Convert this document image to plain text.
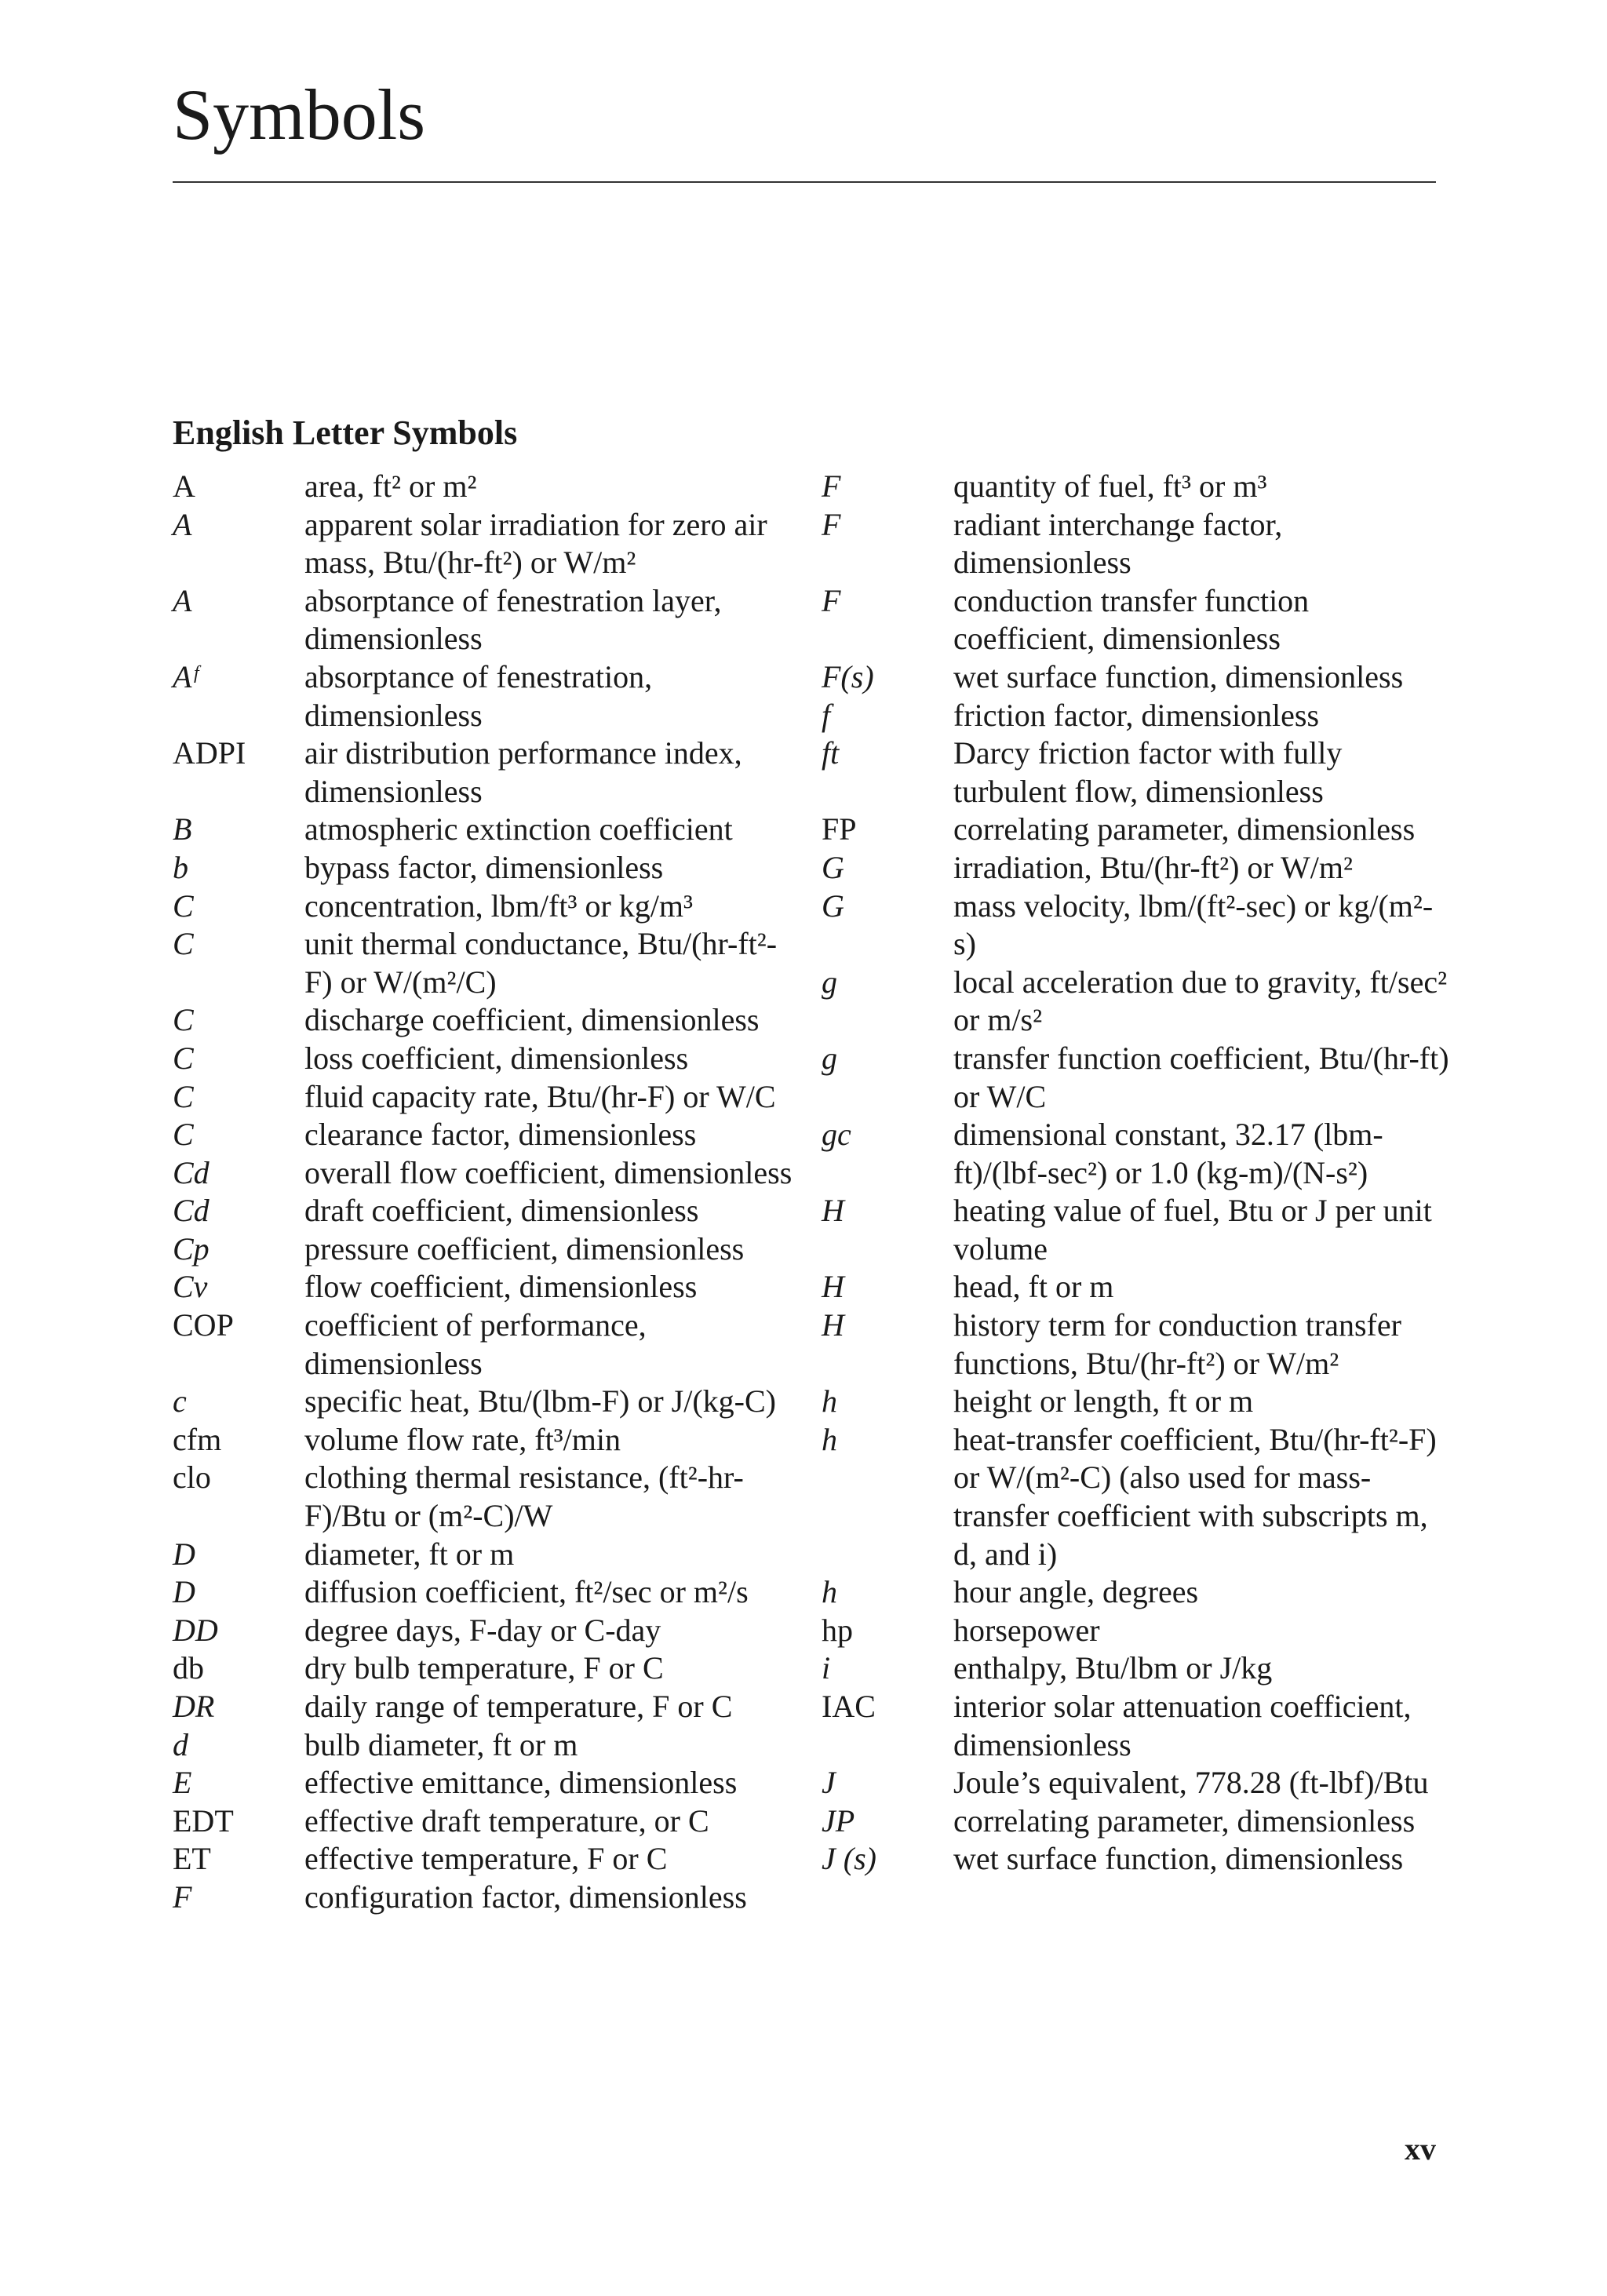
Symbols
English Letter Symbols
A	area, ft² or m²
A	apparent solar irradiation for zero air mass, Btu/(hr-ft²) or W/m²
A	absorptance of fenestration layer, dimensionless
Aᶠ	absorptance of fenestration, dimensionless
ADPI	air distribution performance index, dimensionless
B	atmospheric extinction coefficient
b	bypass factor, dimensionless
C	concentration, lbm/ft³ or kg/m³
C	unit thermal conductance, Btu/(hr-ft²-F) or W/(m²/C)
C	discharge coefficient, dimensionless
C	loss coefficient, dimensionless
C	fluid capacity rate, Btu/(hr-F) or W/C
C	clearance factor, dimensionless
Cd	overall flow coefficient, dimensionless
Cd	draft coefficient, dimensionless
Cp	pressure coefficient, dimensionless
Cv	flow coefficient, dimensionless
COP	coefficient of performance, dimensionless
c	specific heat, Btu/(lbm-F) or J/(kg-C)
cfm	volume flow rate, ft³/min
clo	clothing thermal resistance, (ft²-hr-F)/Btu or (m²-C)/W
D	diameter, ft or m
D	diffusion coefficient, ft²/sec or m²/s
DD	degree days, F-day or C-day
db	dry bulb temperature, F or C
DR	daily range of temperature, F or C
d	bulb diameter, ft or m
E	effective emittance, dimensionless
EDT	effective draft temperature, or C
ET	effective temperature, F or C
F	configuration factor, dimensionless
F	quantity of fuel, ft³ or m³
F	radiant interchange factor, dimensionless
F	conduction transfer function coefficient, dimensionless
F(s)	wet surface function, dimensionless
f	friction factor, dimensionless
ft	Darcy friction factor with fully turbulent flow, dimensionless
FP	correlating parameter, dimensionless
G	irradiation, Btu/(hr-ft²) or W/m²
G	mass velocity, lbm/(ft²-sec) or kg/(m²-s)
g	local acceleration due to gravity, ft/sec² or m/s²
g	transfer function coefficient, Btu/(hr-ft) or W/C
gc	dimensional constant, 32.17 (lbm-ft)/(lbf-sec²) or 1.0 (kg-m)/(N-s²)
H	heating value of fuel, Btu or J per unit volume
H	head, ft or m
H	history term for conduction transfer functions, Btu/(hr-ft²) or W/m²
h	height or length, ft or m
h	heat-transfer coefficient, Btu/(hr-ft²-F) or W/(m²-C) (also used for mass-transfer coefficient with subscripts m, d, and i)
h	hour angle, degrees
hp	horsepower
i	enthalpy, Btu/lbm or J/kg
IAC	interior solar attenuation coefficient, dimensionless
J	Joule’s equivalent, 778.28 (ft-lbf)/Btu
JP	correlating parameter, dimensionless
J (s)	wet surface function, dimensionless
xv
